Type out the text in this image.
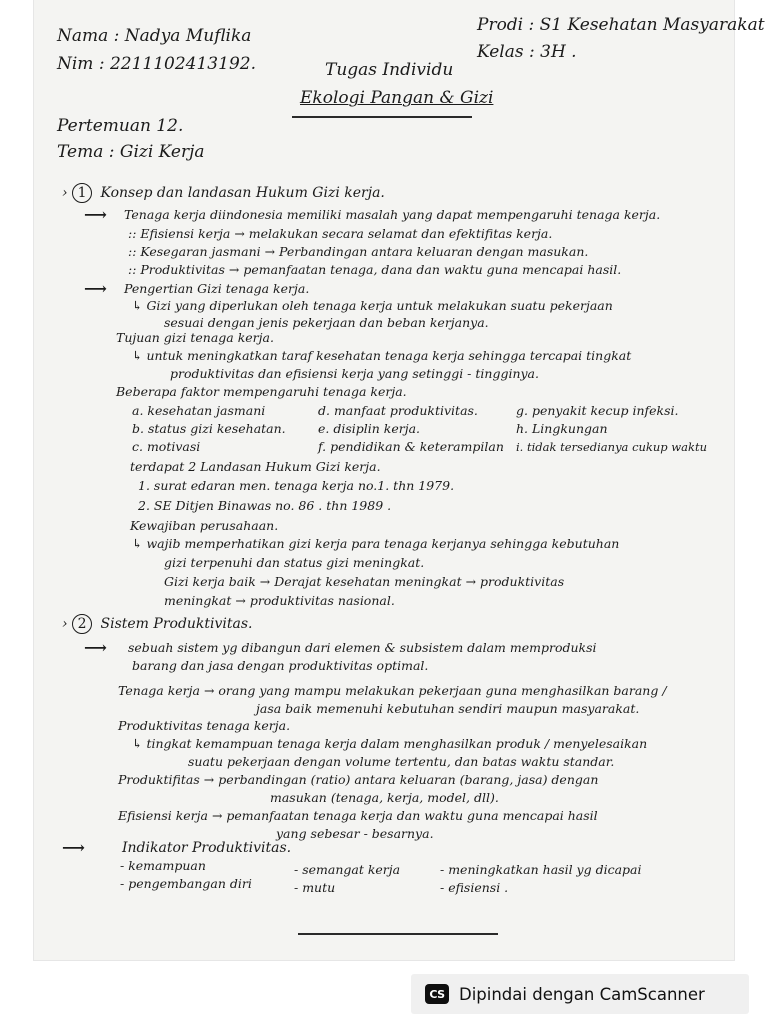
Nama : Nadya Muflika
Nim : 2211102413192.
Prodi : S1 Kesehatan Masyarakat
Kelas : 3H .
Tugas Individu
Ekologi Pangan & Gizi
Pertemuan 12.
Tema : Gizi Kerja
› 1 Konsep dan landasan Hukum Gizi kerja.
⟶ Tenaga kerja diindonesia memiliki masalah yang dapat mempengaruhi tenaga kerja.
:: Efisiensi kerja → melakukan secara selamat dan efektifitas kerja.
:: Kesegaran jasmani → Perbandingan antara keluaran dengan masukan.
:: Produktivitas → pemanfaatan tenaga, dana dan waktu guna mencapai hasil.
⟶ Pengertian Gizi tenaga kerja.
↳ Gizi yang diperlukan oleh tenaga kerja untuk melakukan suatu pekerjaan
sesuai dengan jenis pekerjaan dan beban kerjanya.
Tujuan gizi tenaga kerja.
↳ untuk meningkatkan taraf kesehatan tenaga kerja sehingga tercapai tingkat
produktivitas dan efisiensi kerja yang setinggi - tingginya.
Beberapa faktor mempengaruhi tenaga kerja.
a. kesehatan jasmani
b. status gizi kesehatan.
c. motivasi
d. manfaat produktivitas.
e. disiplin kerja.
f. pendidikan & keterampilan
g. penyakit kecup infeksi.
h. Lingkungan
i. tidak tersedianya cukup waktu
terdapat 2 Landasan Hukum Gizi kerja.
1. surat edaran men. tenaga kerja no.1. thn 1979.
2. SE Ditjen Binawas no. 86 . thn 1989 .
Kewajiban perusahaan.
↳ wajib memperhatikan gizi kerja para tenaga kerjanya sehingga kebutuhan
gizi terpenuhi dan status gizi meningkat.
Gizi kerja baik → Derajat kesehatan meningkat → produktivitas
meningkat → produktivitas nasional.
› 2 Sistem Produktivitas.
⟶ sebuah sistem yg dibangun dari elemen & subsistem dalam memproduksi
barang dan jasa dengan produktivitas optimal.
Tenaga kerja → orang yang mampu melakukan pekerjaan guna menghasilkan barang /
jasa baik memenuhi kebutuhan sendiri maupun masyarakat.
Produktivitas tenaga kerja.
↳ tingkat kemampuan tenaga kerja dalam menghasilkan produk / menyelesaikan
suatu pekerjaan dengan volume tertentu, dan batas waktu standar.
Produktifitas → perbandingan (ratio) antara keluaran (barang, jasa) dengan
masukan (tenaga, kerja, model, dll).
Efisiensi kerja → pemanfaatan tenaga kerja dan waktu guna mencapai hasil
yang sebesar - besarnya.
⟶	Indikator Produktivitas.
- kemampuan
- pengembangan diri
- semangat kerja
- mutu
- meningkatkan hasil yg dicapai
- efisiensi .
CS Dipindai dengan CamScanner
